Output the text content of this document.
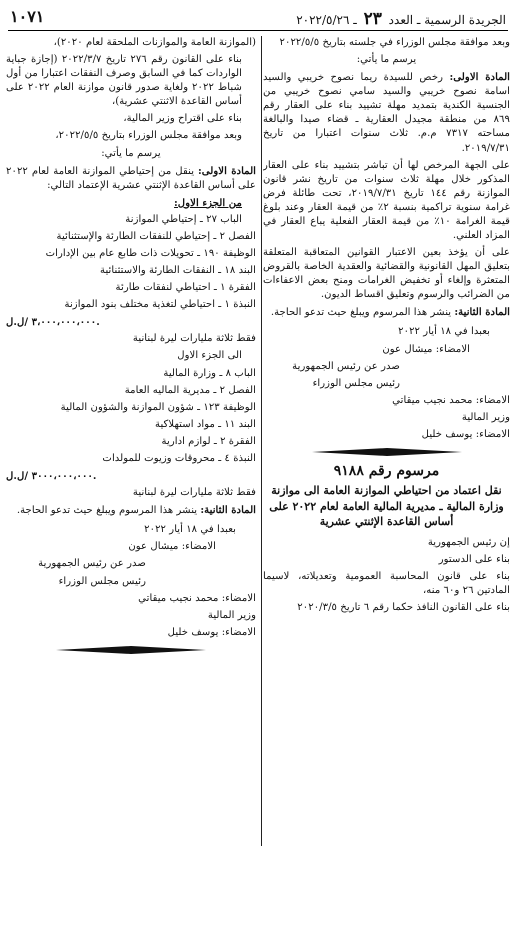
الجريدة الرسمية ـ العدد ٢٣ ـ ٢٠٢٢/٥/٢٦
١٠٧١

وبعد موافقة مجلس الوزراء في جلسته بتاريخ ٢٠٢٢/٥/٥

يرسم ما يأتي:

المادة الاولى: رخص للسيدة ريما نصوح خريبي والسيد اسامة نصوح خريبي والسيد سامي نصوح خريبي من الجنسية الكندية بتمديد مهلة تشييد بناء على العقار رقم ٨٦٩ من منطقة مجيدل العقارية ـ قضاء صيدا والبالغة مساحته ٧٣١٧ م.م. ثلاث سنوات اعتبارا من تاريخ ٢٠١٩/٧/٣١.

على الجهة المرخص لها أن تباشر بتشييد بناء على العقار المذكور خلال مهلة ثلاث سنوات من تاريخ نشر قانون الموازنة رقم ١٤٤ تاريخ ٢٠١٩/٧/٣١، تحت طائلة فرض غرامة سنوية تراكمية بنسبة ٢٪ من قيمة العقار وعند بلوغ قيمة الغرامة ١٠٪ من قيمة العقار الفعلية يباع العقار في المزاد العلني.

على أن يؤخذ بعين الاعتبار القوانين المتعاقبة المتعلقة بتعليق المهل القانونية والقضائية والعقدية الخاصة بالقروض المتعثرة وإلغاء أو تخفيض الغرامات ومنح بعض الاعفاءات من الضرائب والرسوم وتعليق اقساط الديون.

المادة الثانية: ينشر هذا المرسوم ويبلغ حيث تدعو الحاجة.

بعبدا في ١٨ أيار ٢٠٢٢

الامضاء: ميشال عون

صدر عن رئيس الجمهورية

رئيس مجلس الوزراء

الامضاء: محمد نجيب ميقاتي

وزير المالية

الامضاء: يوسف خليل

مرسوم رقم ٩١٨٨
نقل اعتماد من احتياطي الموازنة العامة الى موازنة وزارة المالية ـ مديرية المالية العامة لعام ٢٠٢٢ على أساس القاعدة الإثنتي عشرية

إن رئيس الجمهورية

بناء على الدستور

بناء على قانون المحاسبة العمومية وتعديلاته، لاسيما المادتين ٢٦ و٦٠ منه،

بناء على القانون النافذ حكما رقم ٦ تاريخ ٢٠٢٠/٣/٥

(الموازنة العامة والموازنات الملحقة لعام ٢٠٢٠)،

بناء على القانون رقم ٢٧٦ تاريخ ٢٠٢٢/٣/٧ (إجازة جباية الواردات كما في السابق وصرف النفقات اعتبارا من أول شباط ٢٠٢٢ ولغاية صدور قانون موازنة العام ٢٠٢٢ على أساس القاعدة الاثنتي عشرية)،

بناء على اقتراح وزير المالية،

وبعد موافقة مجلس الوزراء بتاريخ ٢٠٢٢/٥/٥،

يرسم ما يأتي:

المادة الاولى: ينقل من إحتياطي الموازنة العامة لعام ٢٠٢٢ على أساس القاعدة الإثنتي عشرية الإعتماد التالي:

من الجزء الاول:

الباب ٢٧ ـ إحتياطي الموازنة

الفصل ٢ ـ إحتياطي للنفقات الطارئة والإستثنائية

الوظيفة ١٩٠ ـ تحويلات ذات طابع عام بين الإدارات

البند ١٨ ـ النفقات الطارئة والاستثنائية

الفقرة ١ ـ احتياطي لنفقات طارئة

النبذة ١ ـ احتياطي لتغذية مختلف بنود الموازنة

٣،٠٠٠،٠٠٠،٠٠٠ /ل.ل.

فقط ثلاثة مليارات ليرة لبنانية

الى الجزء الاول

الباب ٨ ـ وزارة المالية

الفصل ٢ ـ مديرية الماليه العامة

الوظيفة ١٢٣ ـ شؤون الموازنة والشؤون المالية

البند ١١ ـ مواد استهلاكية

الفقرة ٢ ـ لوازم ادارية

النبذة ٤ ـ محروقات وزيوت للمولدات

٣٠٠٠،٠٠٠،٠٠٠ /ل.ل.

فقط ثلاثة مليارات ليرة لبنانية

المادة الثانية: ينشر هذا المرسوم ويبلغ حيث تدعو الحاجة.

بعبدا في ١٨ أيار ٢٠٢٢

الامضاء: ميشال عون

صدر عن رئيس الجمهورية

رئيس مجلس الوزراء

الامضاء: محمد نجيب ميقاتي

وزير المالية

الامضاء: يوسف خليل
